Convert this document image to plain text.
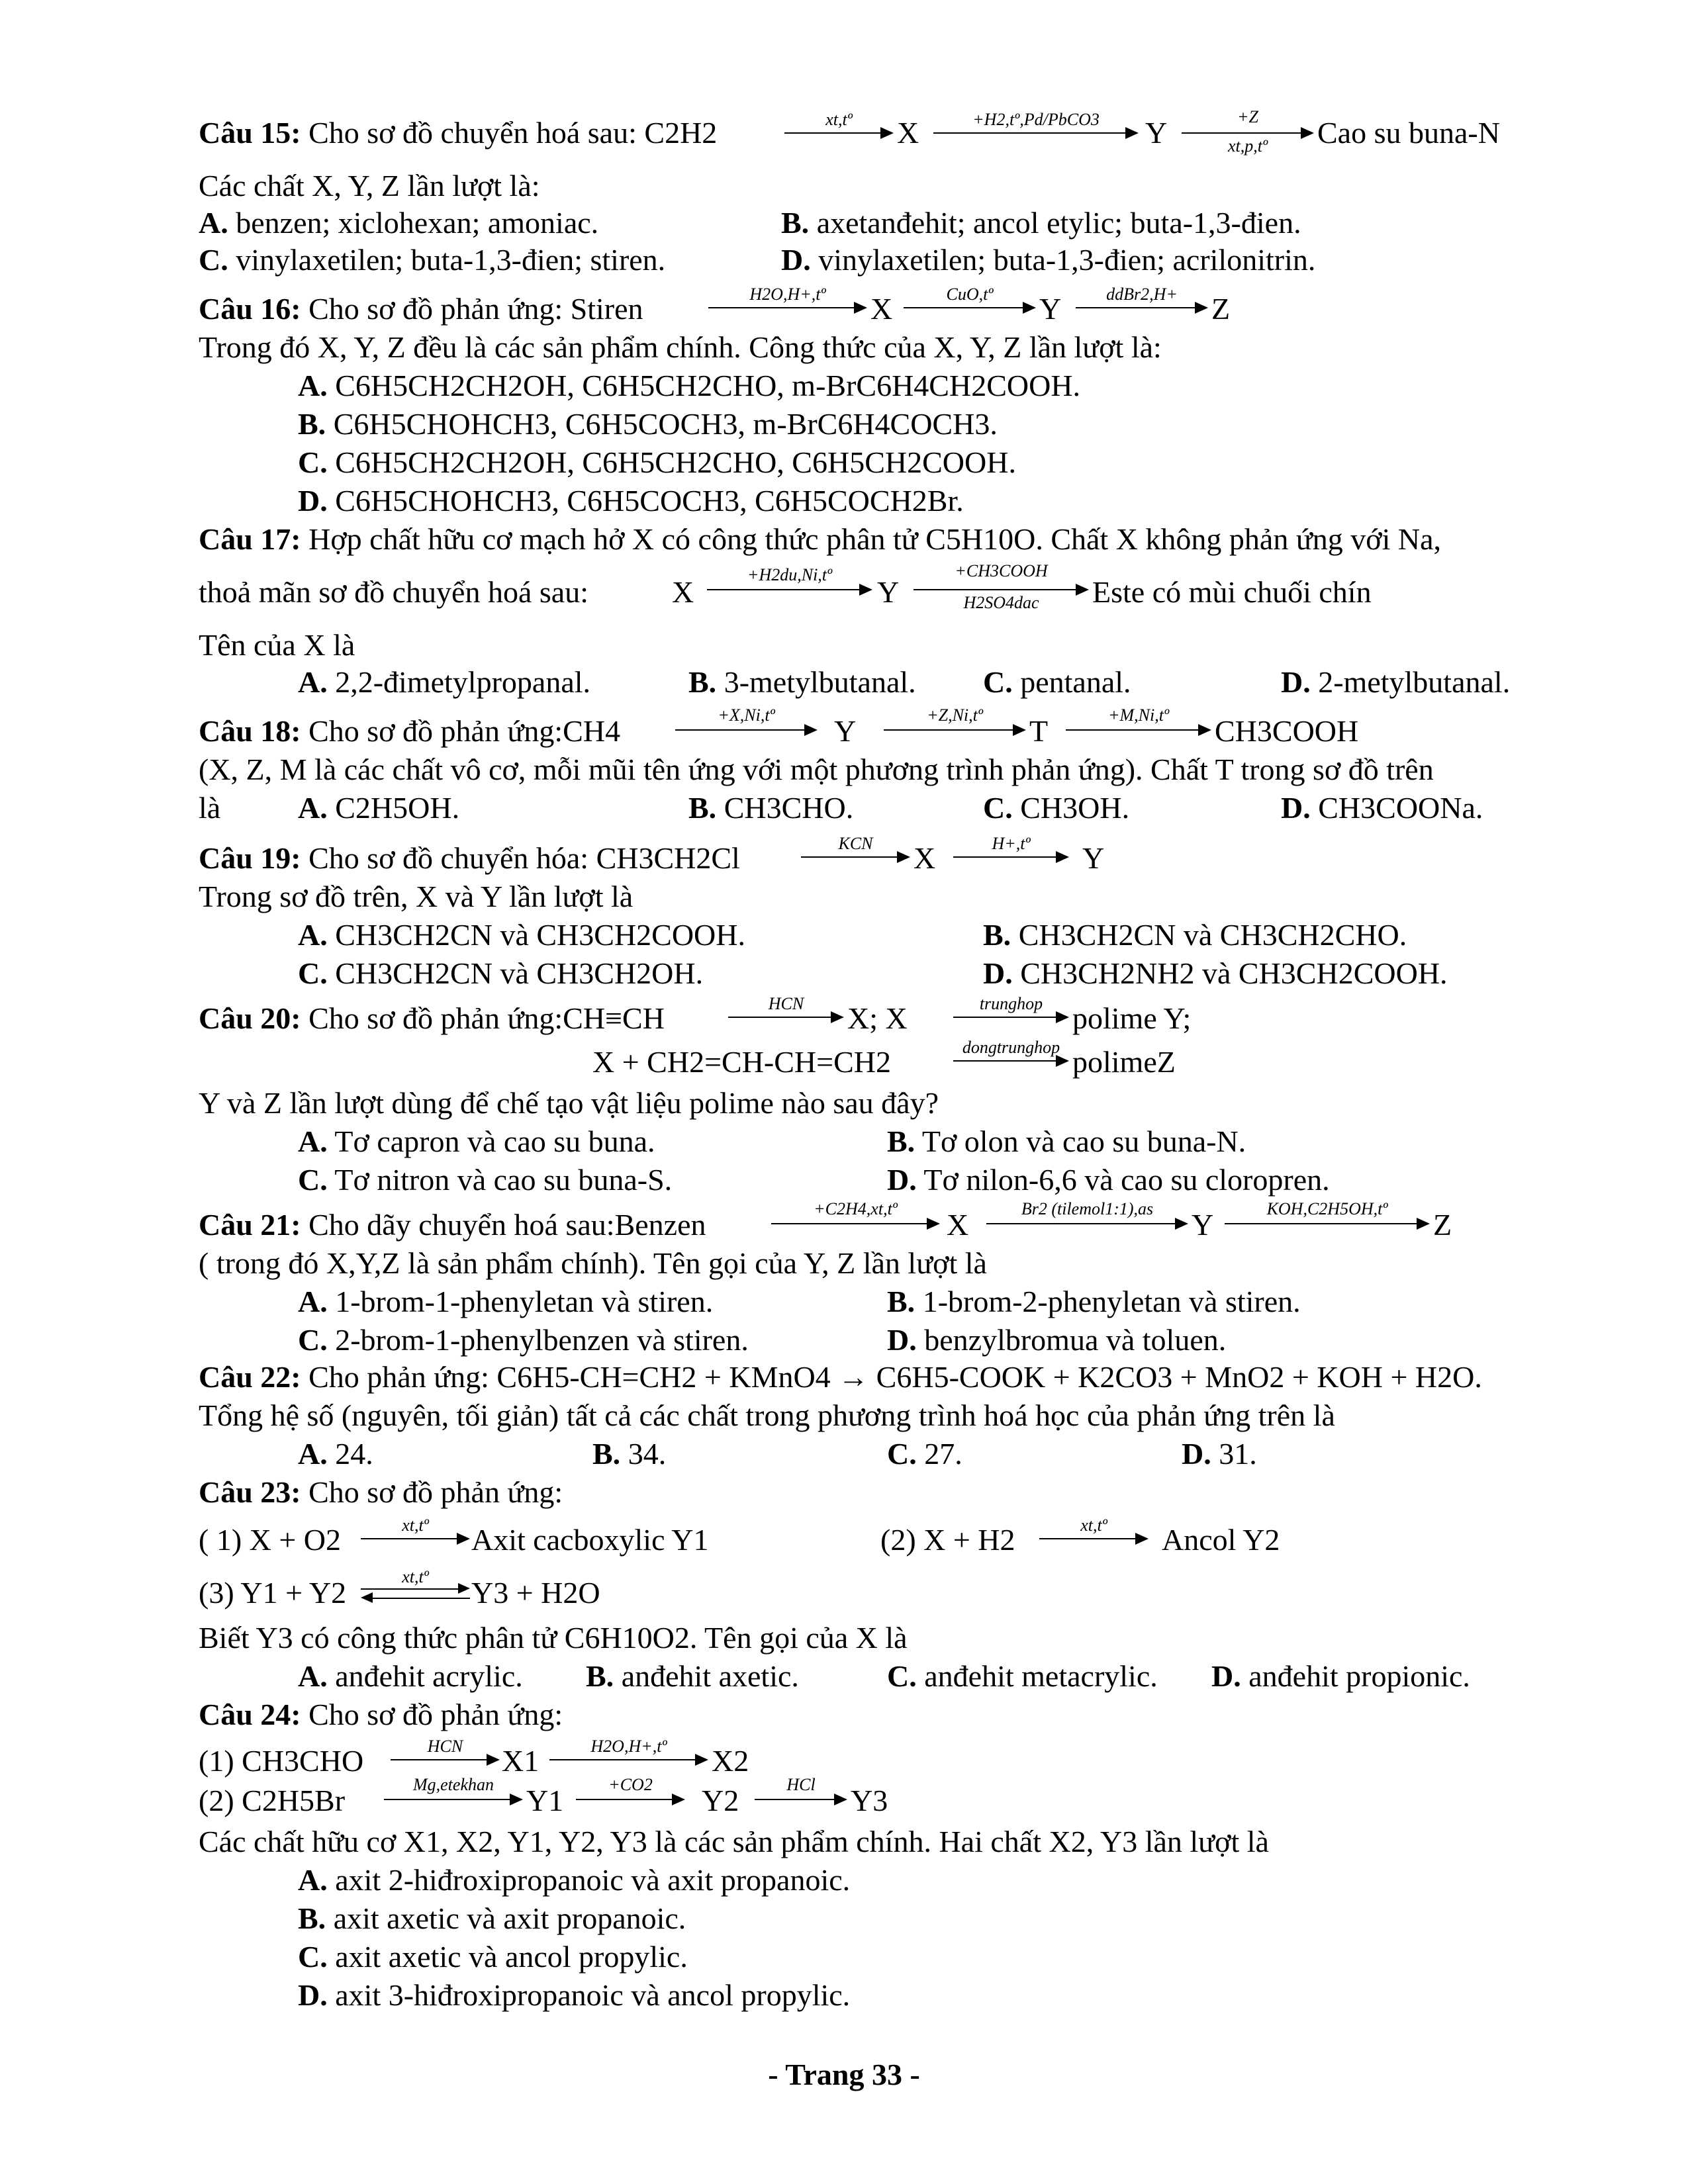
Câu 15: Cho sơ đồ chuyển hoá sau: C2H2	xt,tº	X	+H2,tº,Pd/PbCO3	Y	+Z
xt,p,tº	Cao su buna-N
Các chất X, Y, Z lần lượt là:
A. benzen; xiclohexan; amoniac.	B. axetanđehit; ancol etylic; buta-1,3-đien.
C. vinylaxetilen; buta-1,3-đien; stiren.	D. vinylaxetilen; buta-1,3-đien; acrilonitrin.
Câu 16: Cho sơ đồ phản ứng: Stiren	H2O,H+,tº	X	CuO,tº	Y	ddBr2,H+	Z
Trong đó X, Y, Z đều là các sản phẩm chính. Công thức của X, Y, Z lần lượt là:
A. C6H5CH2CH2OH, C6H5CH2CHO, m-BrC6H4CH2COOH.
B. C6H5CHOHCH3, C6H5COCH3, m-BrC6H4COCH3.
C. C6H5CH2CH2OH, C6H5CH2CHO, C6H5CH2COOH.
D. C6H5CHOHCH3, C6H5COCH3, C6H5COCH2Br.
Câu 17: Hợp chất hữu cơ mạch hở X có công thức phân tử C5H10O. Chất X không phản ứng với Na,
thoả mãn sơ đồ chuyển hoá sau:	X
+H2du,Ni,tº
Y
+CH3COOH
H2SO4dac	Este có mùi chuối chín
Tên của X là
A. 2,2-đimetylpropanal.	B. 3-metylbutanal. C. pentanal.	D. 2-metylbutanal.
Câu 18: Cho sơ đồ phản ứng:CH4	+X,Ni,tº	Y	+Z,Ni,tº	T	+M,Ni,tº	CH3COOH
(X, Z, M là các chất vô cơ, mỗi mũi tên ứng với một phương trình phản ứng). Chất T trong sơ đồ trên
là	A. C2H5OH.	B. CH3CHO.	C. CH3OH.	D. CH3COONa.
Câu 19: Cho sơ đồ chuyển hóa: CH3CH2Cl	KCN	X	H+,tº	Y
Trong sơ đồ trên, X và Y lần lượt là
A. CH3CH2CN và CH3CH2COOH.	B. CH3CH2CN và CH3CH2CHO.
C. CH3CH2CN và CH3CH2OH.	D. CH3CH2NH2 và CH3CH2COOH.
Câu 20: Cho sơ đồ phản ứng:CH≡CH	HCN	X; X	trunghop polime Y;
X + CH2=CH-CH=CH2	dongtrunghop polimeZ
Y và Z lần lượt dùng để chế tạo vật liệu polime nào sau đây?
A. Tơ capron và cao su buna.	B. Tơ olon và cao su buna-N.
C. Tơ nitron và cao su buna-S.	D. Tơ nilon-6,6 và cao su cloropren.
Câu 21: Cho dãy chuyển hoá sau:Benzen	+C2H4,xt,tº	X	Br2 (tilemol1:1),as	Y	KOH,C2H5OH,tº	Z
( trong đó X,Y,Z là sản phẩm chính). Tên gọi của Y, Z lần lượt là
A. 1-brom-1-phenyletan và stiren.	B. 1-brom-2-phenyletan và stiren.
C. 2-brom-1-phenylbenzen và stiren.	D. benzylbromua và toluen.
Câu 22: Cho phản ứng: C6H5-CH=CH2 + KMnO4 → C6H5-COOK + K2CO3 + MnO2 + KOH + H2O.
Tổng hệ số (nguyên, tối giản) tất cả các chất trong phương trình hoá học của phản ứng trên là
A. 24.	B. 34.	C. 27.	D. 31.
Câu 23: Cho sơ đồ phản ứng:
( 1) X + O2	xt,tº	Axit cacboxylic Y1	(2) X + H2	xt,tº	Ancol Y2
(3) Y1 + Y2	xt,tº	Y3 + H2O
Biết Y3 có công thức phân tử C6H10O2. Tên gọi của X là
A. anđehit acrylic. B. anđehit axetic.	C. anđehit metacrylic. D. anđehit propionic.
Câu 24: Cho sơ đồ phản ứng:
(1) CH3CHO	HCN	X1	H2O,H+,tº	X2
(2) C2H5Br	Mg,etekhan	Y1	+CO2	Y2	HCl	Y3
Các chất hữu cơ X1, X2, Y1, Y2, Y3 là các sản phẩm chính. Hai chất X2, Y3 lần lượt là
A. axit 2-hiđroxipropanoic và axit propanoic.
B. axit axetic và axit propanoic.
C. axit axetic và ancol propylic.
D. axit 3-hiđroxipropanoic và ancol propylic.
- Trang 33 -
